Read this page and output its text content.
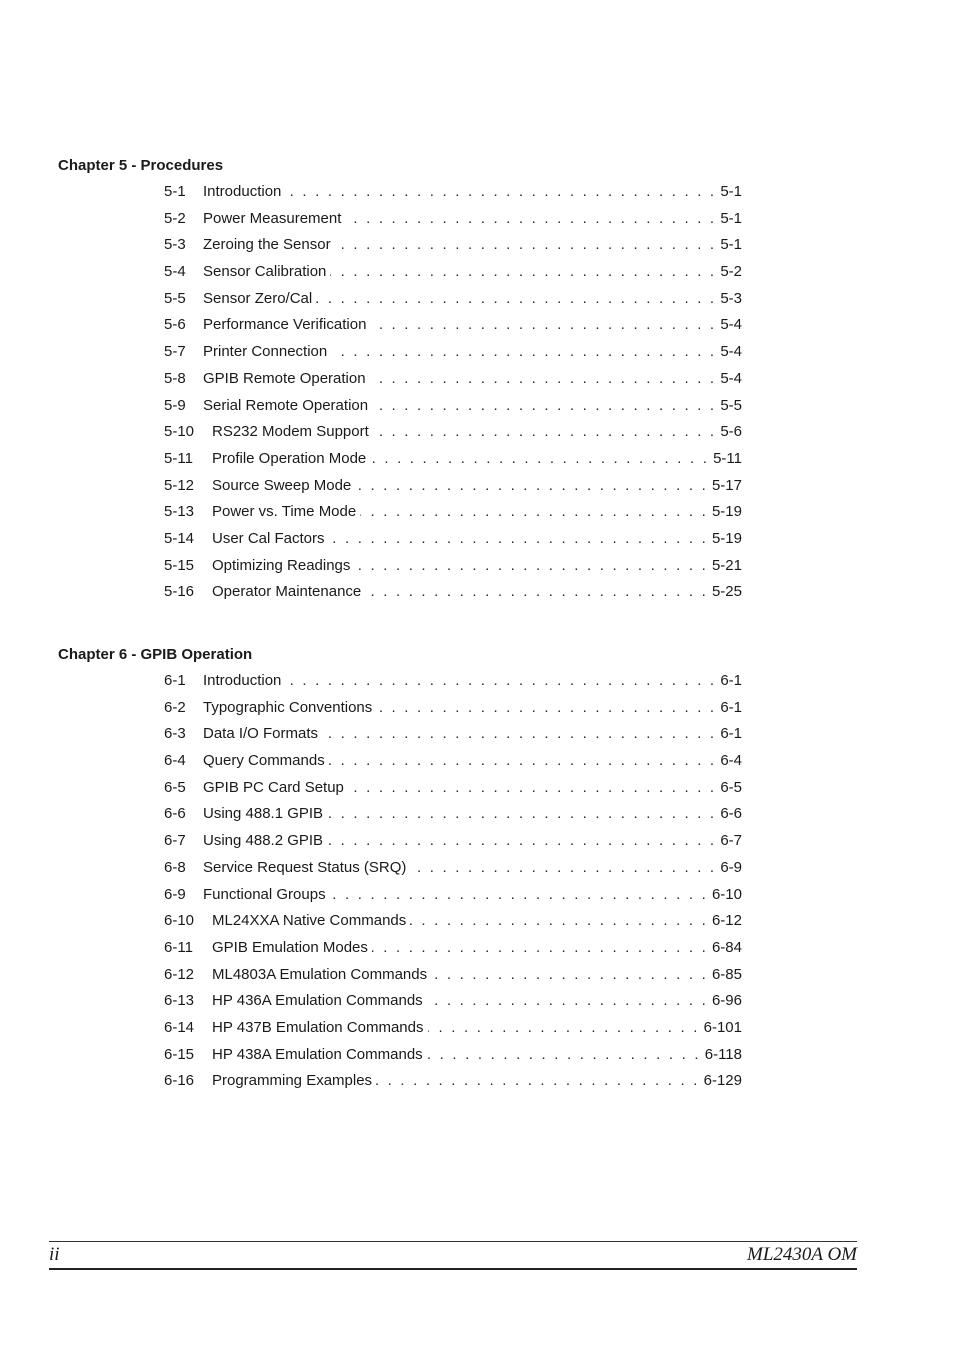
Chapter 5 - Procedures
5-1 Introduction . . .	5-1
5-2 Power Measurement . . .	5-1
5-3 Zeroing the Sensor . . .	5-1
5-4 Sensor Calibration . . .	5-2
5-5 Sensor Zero/Cal . . .	5-3
5-6 Performance Verification . . .	5-4
5-7 Printer Connection . . .	5-4
5-8 GPIB Remote Operation . . .	5-4
5-9 Serial Remote Operation . . .	5-5
5-10 RS232 Modem Support . . .	5-6
5-11 Profile Operation Mode . . .	5-11
5-12 Source Sweep Mode . . .	5-17
5-13 Power vs. Time Mode . . .	5-19
5-14 User Cal Factors . . .	5-19
5-15 Optimizing Readings . . .	5-21
5-16 Operator Maintenance . . .	5-25
Chapter 6 - GPIB Operation
6-1 Introduction . . .	6-1
6-2 Typographic Conventions . . .	6-1
6-3 Data I/O Formats . . .	6-1
6-4 Query Commands . . .	6-4
6-5 GPIB PC Card Setup . . .	6-5
6-6 Using 488.1 GPIB . . .	6-6
6-7 Using 488.2 GPIB . . .	6-7
6-8 Service Request Status (SRQ) . . .	6-9
6-9 Functional Groups . . .	6-10
6-10 ML24XXA Native Commands . . .	6-12
6-11 GPIB Emulation Modes . . .	6-84
6-12 ML4803A Emulation Commands . . .	6-85
6-13 HP 436A Emulation Commands . . .	6-96
6-14 HP 437B Emulation Commands . . .	6-101
6-15 HP 438A Emulation Commands . . .	6-118
6-16 Programming Examples . . .	6-129
ii	ML2430A OM
